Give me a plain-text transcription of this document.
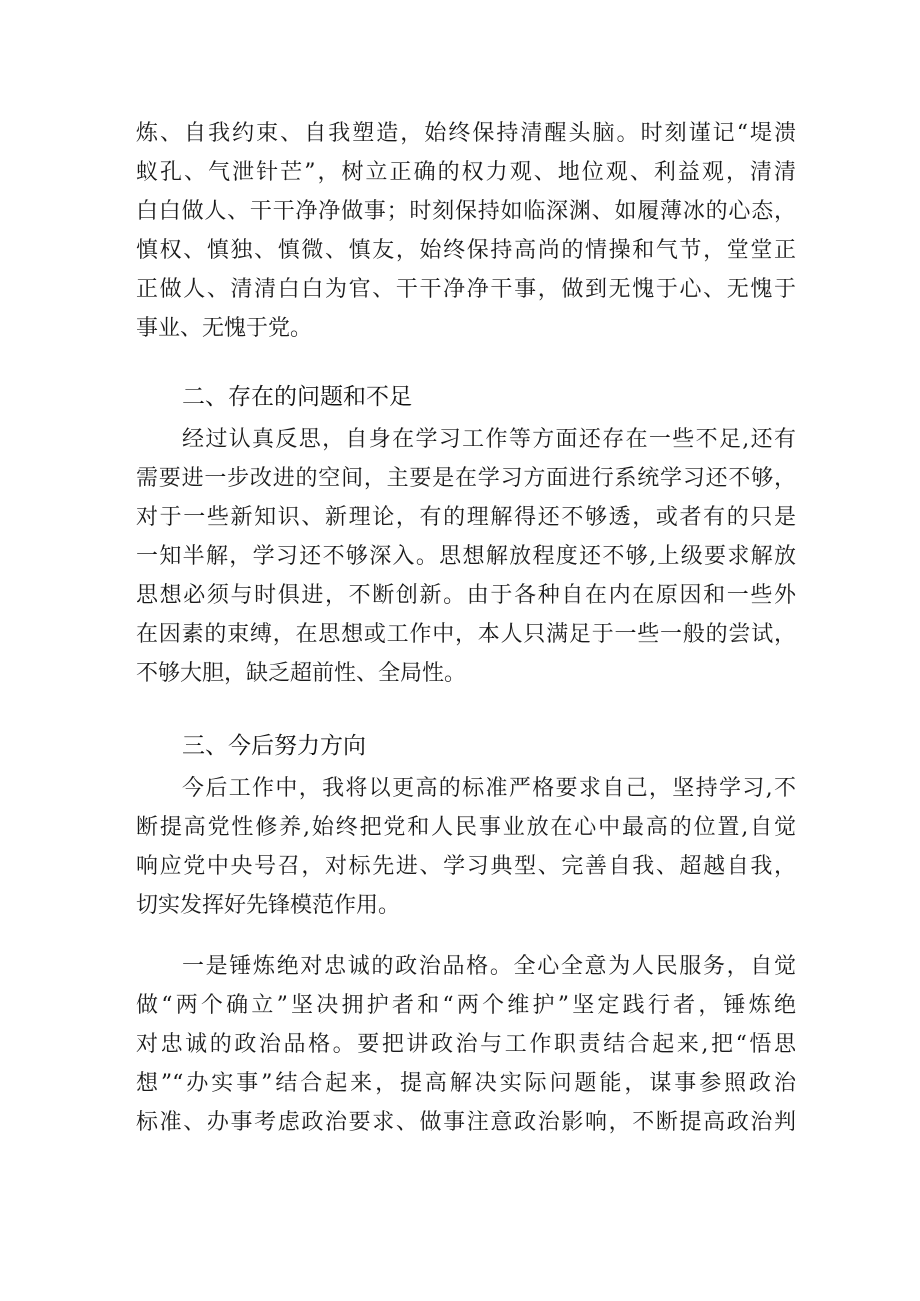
炼、自我约束、自我塑造，始终保持清醒头脑。时刻谨记“堤溃
蚁孔、气泄针芒”，树立正确的权力观、地位观、利益观，清清
白白做人、干干净净做事；时刻保持如临深渊、如履薄冰的心态，
慎权、慎独、慎微、慎友，始终保持高尚的情操和气节，堂堂正
正做人、清清白白为官、干干净净干事，做到无愧于心、无愧于
事业、无愧于党。
二、存在的问题和不足
经过认真反思，自身在学习工作等方面还存在一些不足,还有
需要进一步改进的空间，主要是在学习方面进行系统学习还不够，
对于一些新知识、新理论，有的理解得还不够透，或者有的只是
一知半解，学习还不够深入。思想解放程度还不够,上级要求解放
思想必须与时俱进，不断创新。由于各种自在内在原因和一些外
在因素的束缚，在思想或工作中，本人只满足于一些一般的尝试，
不够大胆，缺乏超前性、全局性。
三、今后努力方向
今后工作中，我将以更高的标准严格要求自己，坚持学习,不
断提高党性修养,始终把党和人民事业放在心中最高的位置,自觉
响应党中央号召，对标先进、学习典型、完善自我、超越自我，
切实发挥好先锋模范作用。
一是锤炼绝对忠诚的政治品格。全心全意为人民服务，自觉
做“两个确立”坚决拥护者和“两个维护”坚定践行者，锤炼绝
对忠诚的政治品格。要把讲政治与工作职责结合起来,把“悟思
想”“办实事”结合起来，提高解决实际问题能，谋事参照政治
标准、办事考虑政治要求、做事注意政治影响，不断提高政治判
